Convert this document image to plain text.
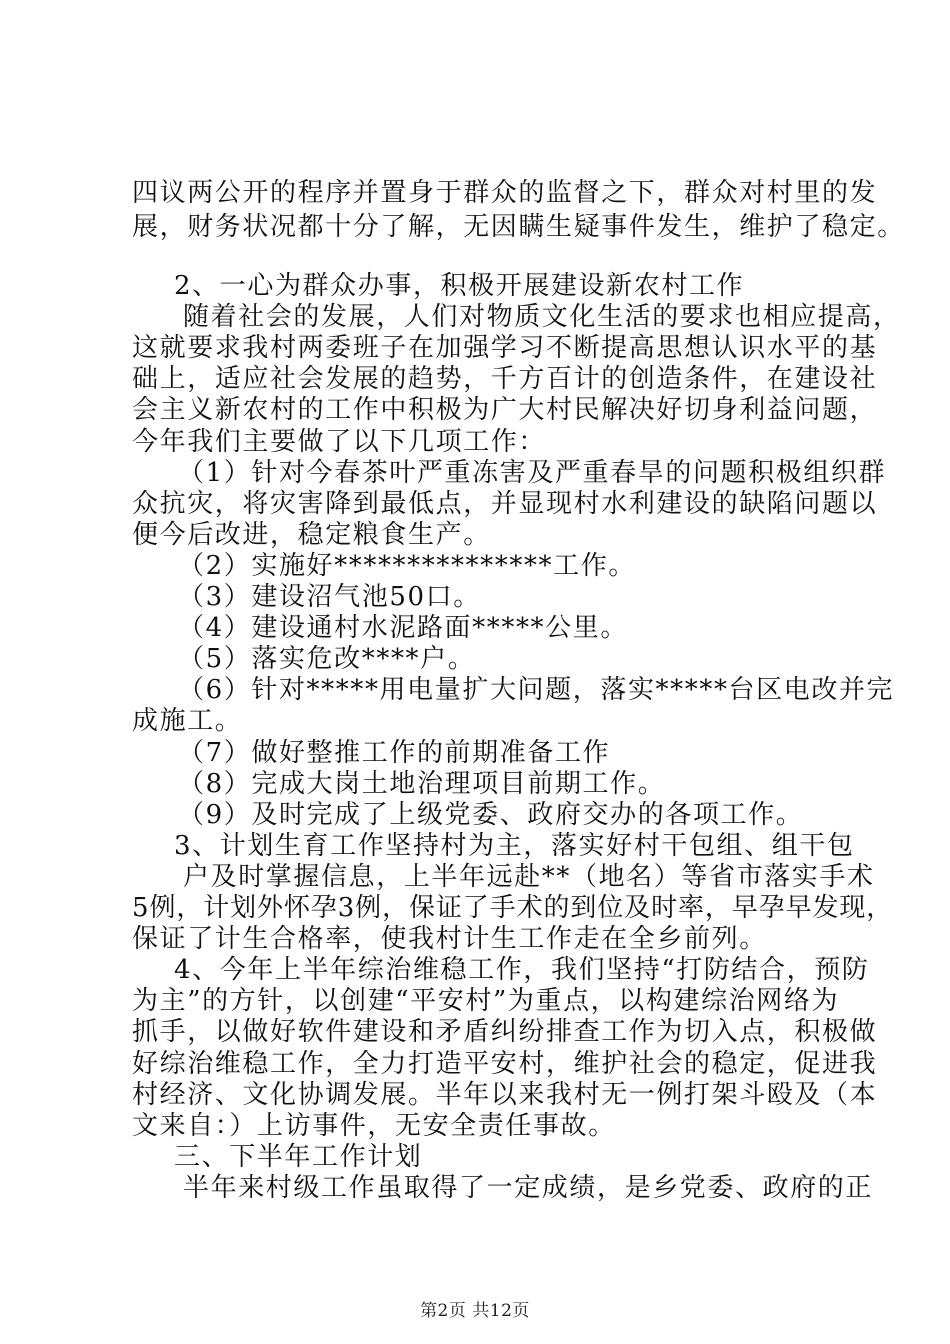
四议两公开的程序并置身于群众的监督之下，群众对村里的发
展，财务状况都十分了解，无因瞒生疑事件发生，维护了稳定。
2、一心为群众办事，积极开展建设新农村工作
随着社会的发展，人们对物质文化生活的要求也相应提高，
这就要求我村两委班子在加强学习不断提高思想认识水平的基
础上，适应社会发展的趋势，千方百计的创造条件，在建设社
会主义新农村的工作中积极为广大村民解决好切身利益问题，
今年我们主要做了以下几项工作：
（1）针对今春茶叶严重冻害及严重春旱的问题积极组织群
众抗灾，将灾害降到最低点，并显现村水利建设的缺陷问题以
便今后改进，稳定粮食生产。
（2）实施好***************工作。
（3）建设沼气池50口。
（4）建设通村水泥路面*****公里。
（5）落实危改****户。
（6）针对*****用电量扩大问题，落实*****台区电改并完
成施工。
（7）做好整推工作的前期准备工作
（8）完成大岗土地治理项目前期工作。
（9）及时完成了上级党委、政府交办的各项工作。
3、计划生育工作坚持村为主，落实好村干包组、组干包
户及时掌握信息，上半年远赴**（地名）等省市落实手术
5例，计划外怀孕3例，保证了手术的到位及时率，早孕早发现，
保证了计生合格率，使我村计生工作走在全乡前列。
4、今年上半年综治维稳工作，我们坚持“打防结合，预防
为主”的方针，以创建“平安村”为重点，以构建综治网络为
抓手，以做好软件建设和矛盾纠纷排查工作为切入点，积极做
好综治维稳工作，全力打造平安村，维护社会的稳定，促进我
村经济、文化协调发展。半年以来我村无一例打架斗殴及（本
文来自：）上访事件，无安全责任事故。
三、下半年工作计划
半年来村级工作虽取得了一定成绩，是乡党委、政府的正
第2页 共12页
